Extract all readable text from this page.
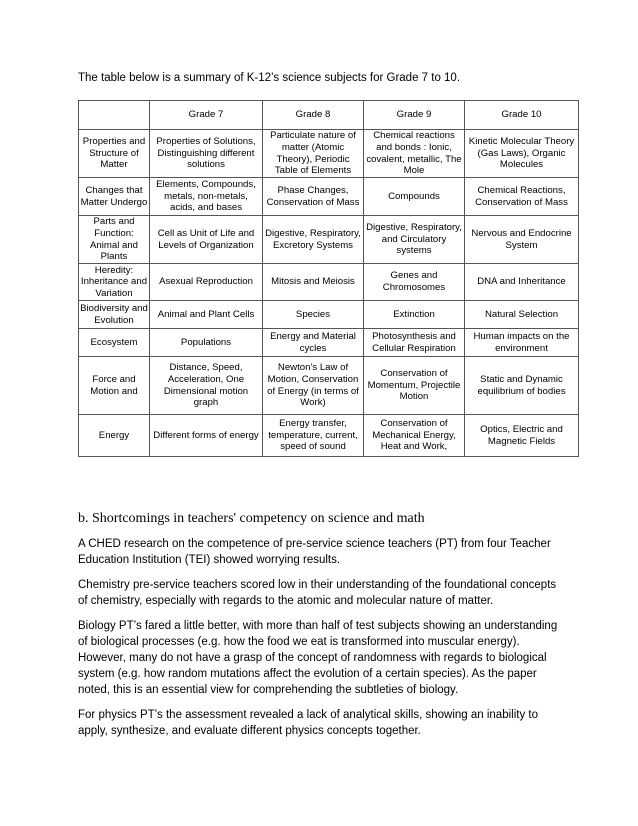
The table below is a summary of K-12’s science subjects for Grade 7 to 10.
	Grade 7	Grade 8	Grade 9	Grade 10
Properties and Structure of Matter	Properties of Solutions, Distinguishing different solutions	Particulate nature of matter (Atomic Theory), Periodic Table of Elements	Chemical reactions and bonds : Ionic, covalent, metallic, The Mole	Kinetic Molecular Theory (Gas Laws), Organic Molecules
Changes that Matter Undergo	Elements, Compounds, metals, non-metals, acids, and bases	Phase Changes, Conservation of Mass	Compounds	Chemical Reactions, Conservation of Mass
Parts and Function: Animal and Plants	Cell as Unit of Life and Levels of Organization	Digestive, Respiratory, Excretory Systems	Digestive, Respiratory, and Circulatory systems	Nervous and Endocrine System
Heredity: Inheritance and Variation	Asexual Reproduction	Mitosis and Meiosis	Genes and Chromosomes	DNA and Inheritance
Biodiversity and Evolution	Animal and Plant Cells	Species	Extinction	Natural Selection
Ecosystem	Populations	Energy and Material cycles	Photosynthesis and Cellular Respiration	Human impacts on the environment
Force and Motion and	Distance, Speed, Acceleration, One Dimensional motion graph	Newton’s Law of Motion, Conservation of Energy (in terms of Work)	Conservation of Momentum, Projectile Motion	Static and Dynamic equilibrium of bodies
Energy	Different forms of energy	Energy transfer, temperature, current, speed of sound	Conservation of Mechanical Energy, Heat and Work,	Optics, Electric and Magnetic Fields
b. Shortcomings in teachers' competency on science and math

A CHED research on the competence of pre-service science teachers (PT) from four Teacher Education Institution (TEI) showed worrying results.

Chemistry pre-service teachers scored low in their understanding of the foundational concepts of chemistry, especially with regards to the atomic and molecular nature of matter.

Biology PT’s fared a little better, with more than half of test subjects showing an understanding of biological processes (e.g. how the food we eat is transformed into muscular energy). However, many do not have a grasp of the concept of randomness with regards to biological system (e.g. how random mutations affect the evolution of a certain species). As the paper noted, this is an essential view for comprehending the subtleties of biology.

For physics PT’s the assessment revealed a lack of analytical skills, showing an inability to apply, synthesize, and evaluate different physics concepts together.
